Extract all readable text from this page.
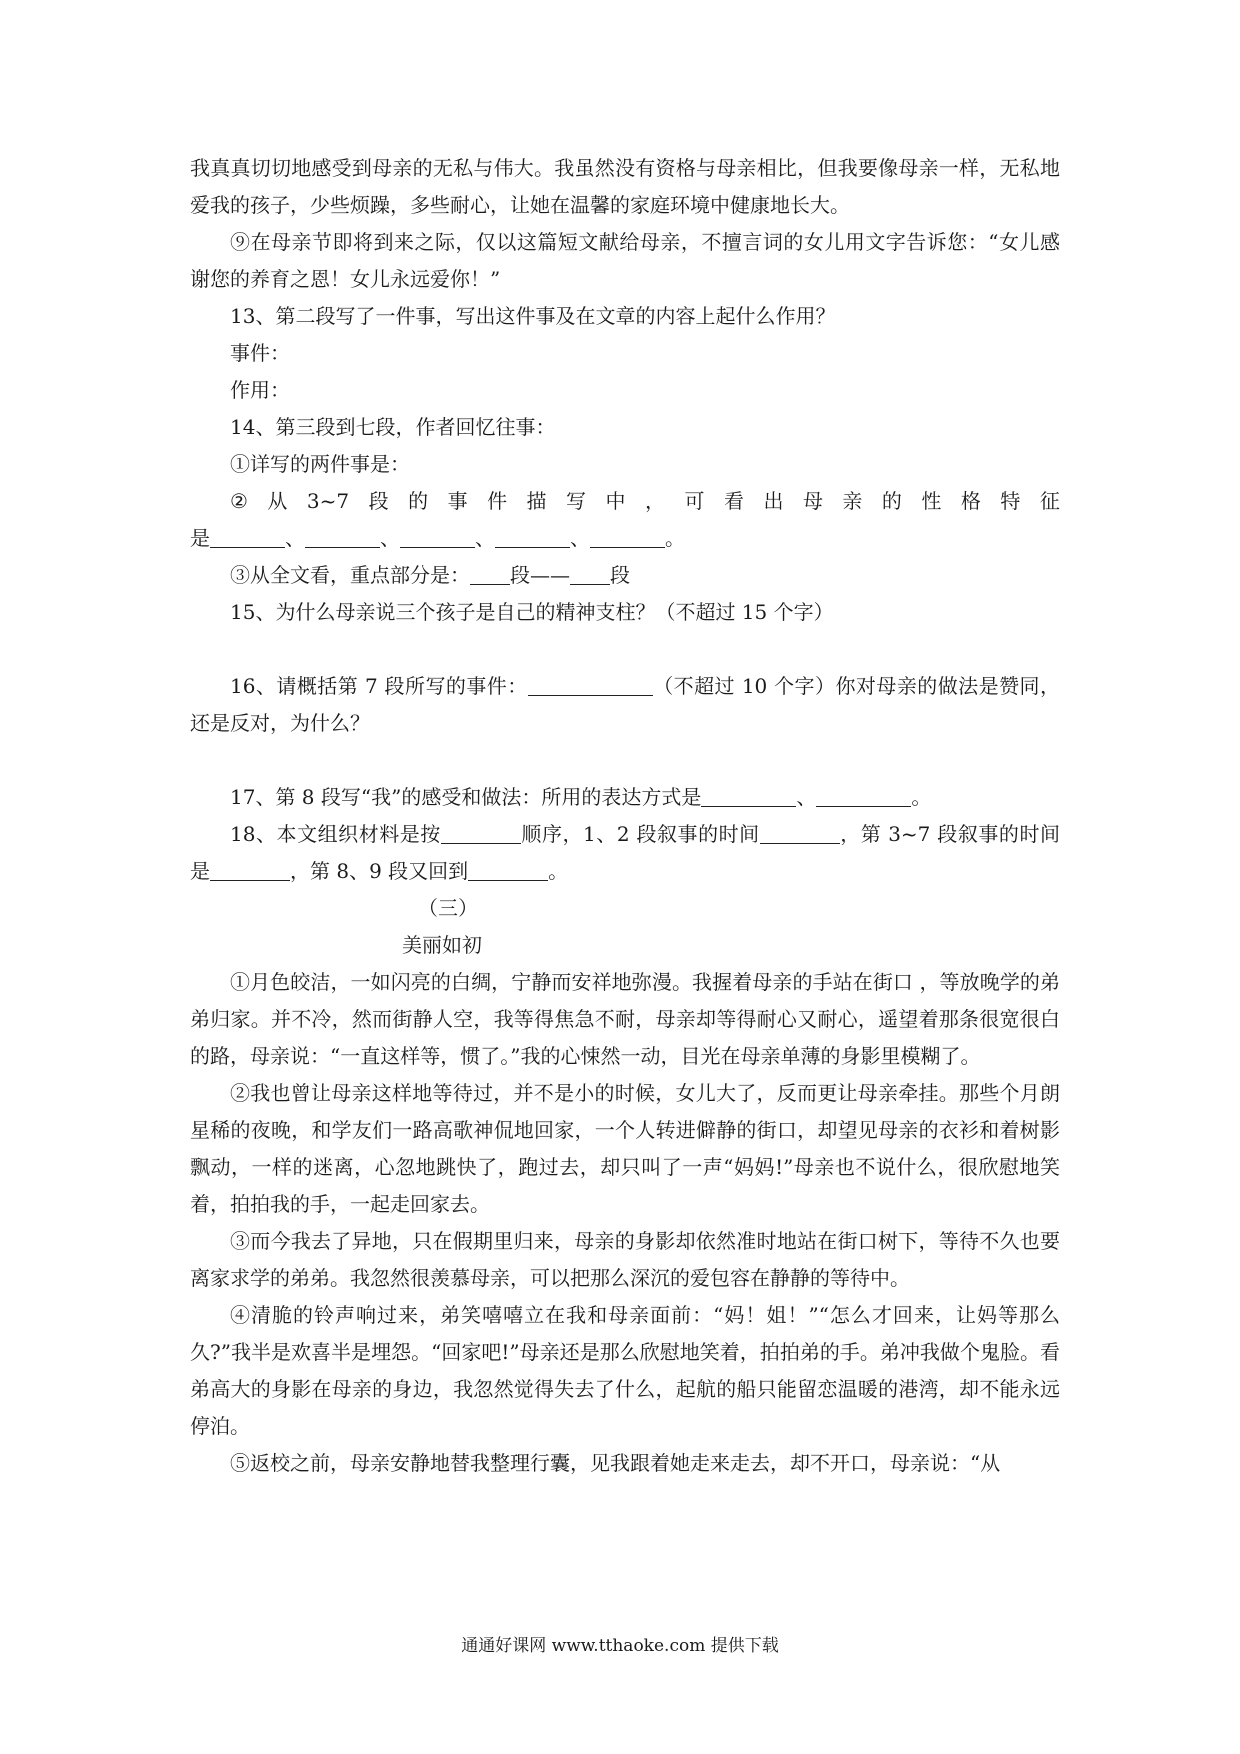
我真真切切地感受到母亲的无私与伟大。我虽然没有资格与母亲相比，但我要像母亲一样，无私地爱我的孩子，少些烦躁，多些耐心，让她在温馨的家庭环境中健康地长大。

⑨在母亲节即将到来之际，仅以这篇短文献给母亲，不擅言词的女儿用文字告诉您：“女儿感谢您的养育之恩！女儿永远爱你！”

13、第二段写了一件事，写出这件事及在文章的内容上起什么作用？

事件：

作用：

14、第三段到七段，作者回忆往事：

①详写的两件事是：

② 从 3~7 段 的 事 件 描 写 中 ， 可 看 出 母 亲 的 性 格 特 征

是	、	、	、	、	。

③从全文看，重点部分是： 段—— 段

15、为什么母亲说三个孩子是自己的精神支柱？（不超过 15 个字）

16、请概括第 7 段所写的事件：	（不超过 10 个字）你对母亲的做法是赞同，还是反对，为什么？

17、第 8 段写“我”的感受和做法：所用的表达方式是	、	。

18、本文组织材料是按	顺序，1、2 段叙事的时间	，第 3~7 段叙事的时间是	，第 8、9 段又回到	。

（三）

美丽如初

①月色皎洁，一如闪亮的白绸，宁静而安祥地弥漫。我握着母亲的手站在街口 ，等放晚学的弟弟归家。并不冷，然而街静人空，我等得焦急不耐，母亲却等得耐心又耐心，遥望着那条很宽很白的路，母亲说：“一直这样等，惯了。”我的心悚然一动，目光在母亲单薄的身影里模糊了。

②我也曾让母亲这样地等待过，并不是小的时候，女儿大了，反而更让母亲牵挂。那些个月朗星稀的夜晚，和学友们一路高歌神侃地回家，一个人转进僻静的街口，却望见母亲的衣衫和着树影飘动，一样的迷离，心忽地跳快了，跑过去，却只叫了一声“妈妈!”母亲也不说什么，很欣慰地笑着，拍拍我的手，一起走回家去。

③而今我去了异地，只在假期里归来，母亲的身影却依然准时地站在街口树下，等待不久也要离家求学的弟弟。我忽然很羡慕母亲，可以把那么深沉的爱包容在静静的等待中。

④清脆的铃声响过来，弟笑嘻嘻立在我和母亲面前：“妈！姐！”“怎么才回来，让妈等那么久?”我半是欢喜半是埋怨。“回家吧!”母亲还是那么欣慰地笑着，拍拍弟的手。弟冲我做个鬼脸。看弟高大的身影在母亲的身边，我忽然觉得失去了什么，起航的船只能留恋温暖的港湾，却不能永远停泊。

⑤返校之前，母亲安静地替我整理行囊，见我跟着她走来走去，却不开口，母亲说：“从

通通好课网 www.tthaoke.com 提供下载
